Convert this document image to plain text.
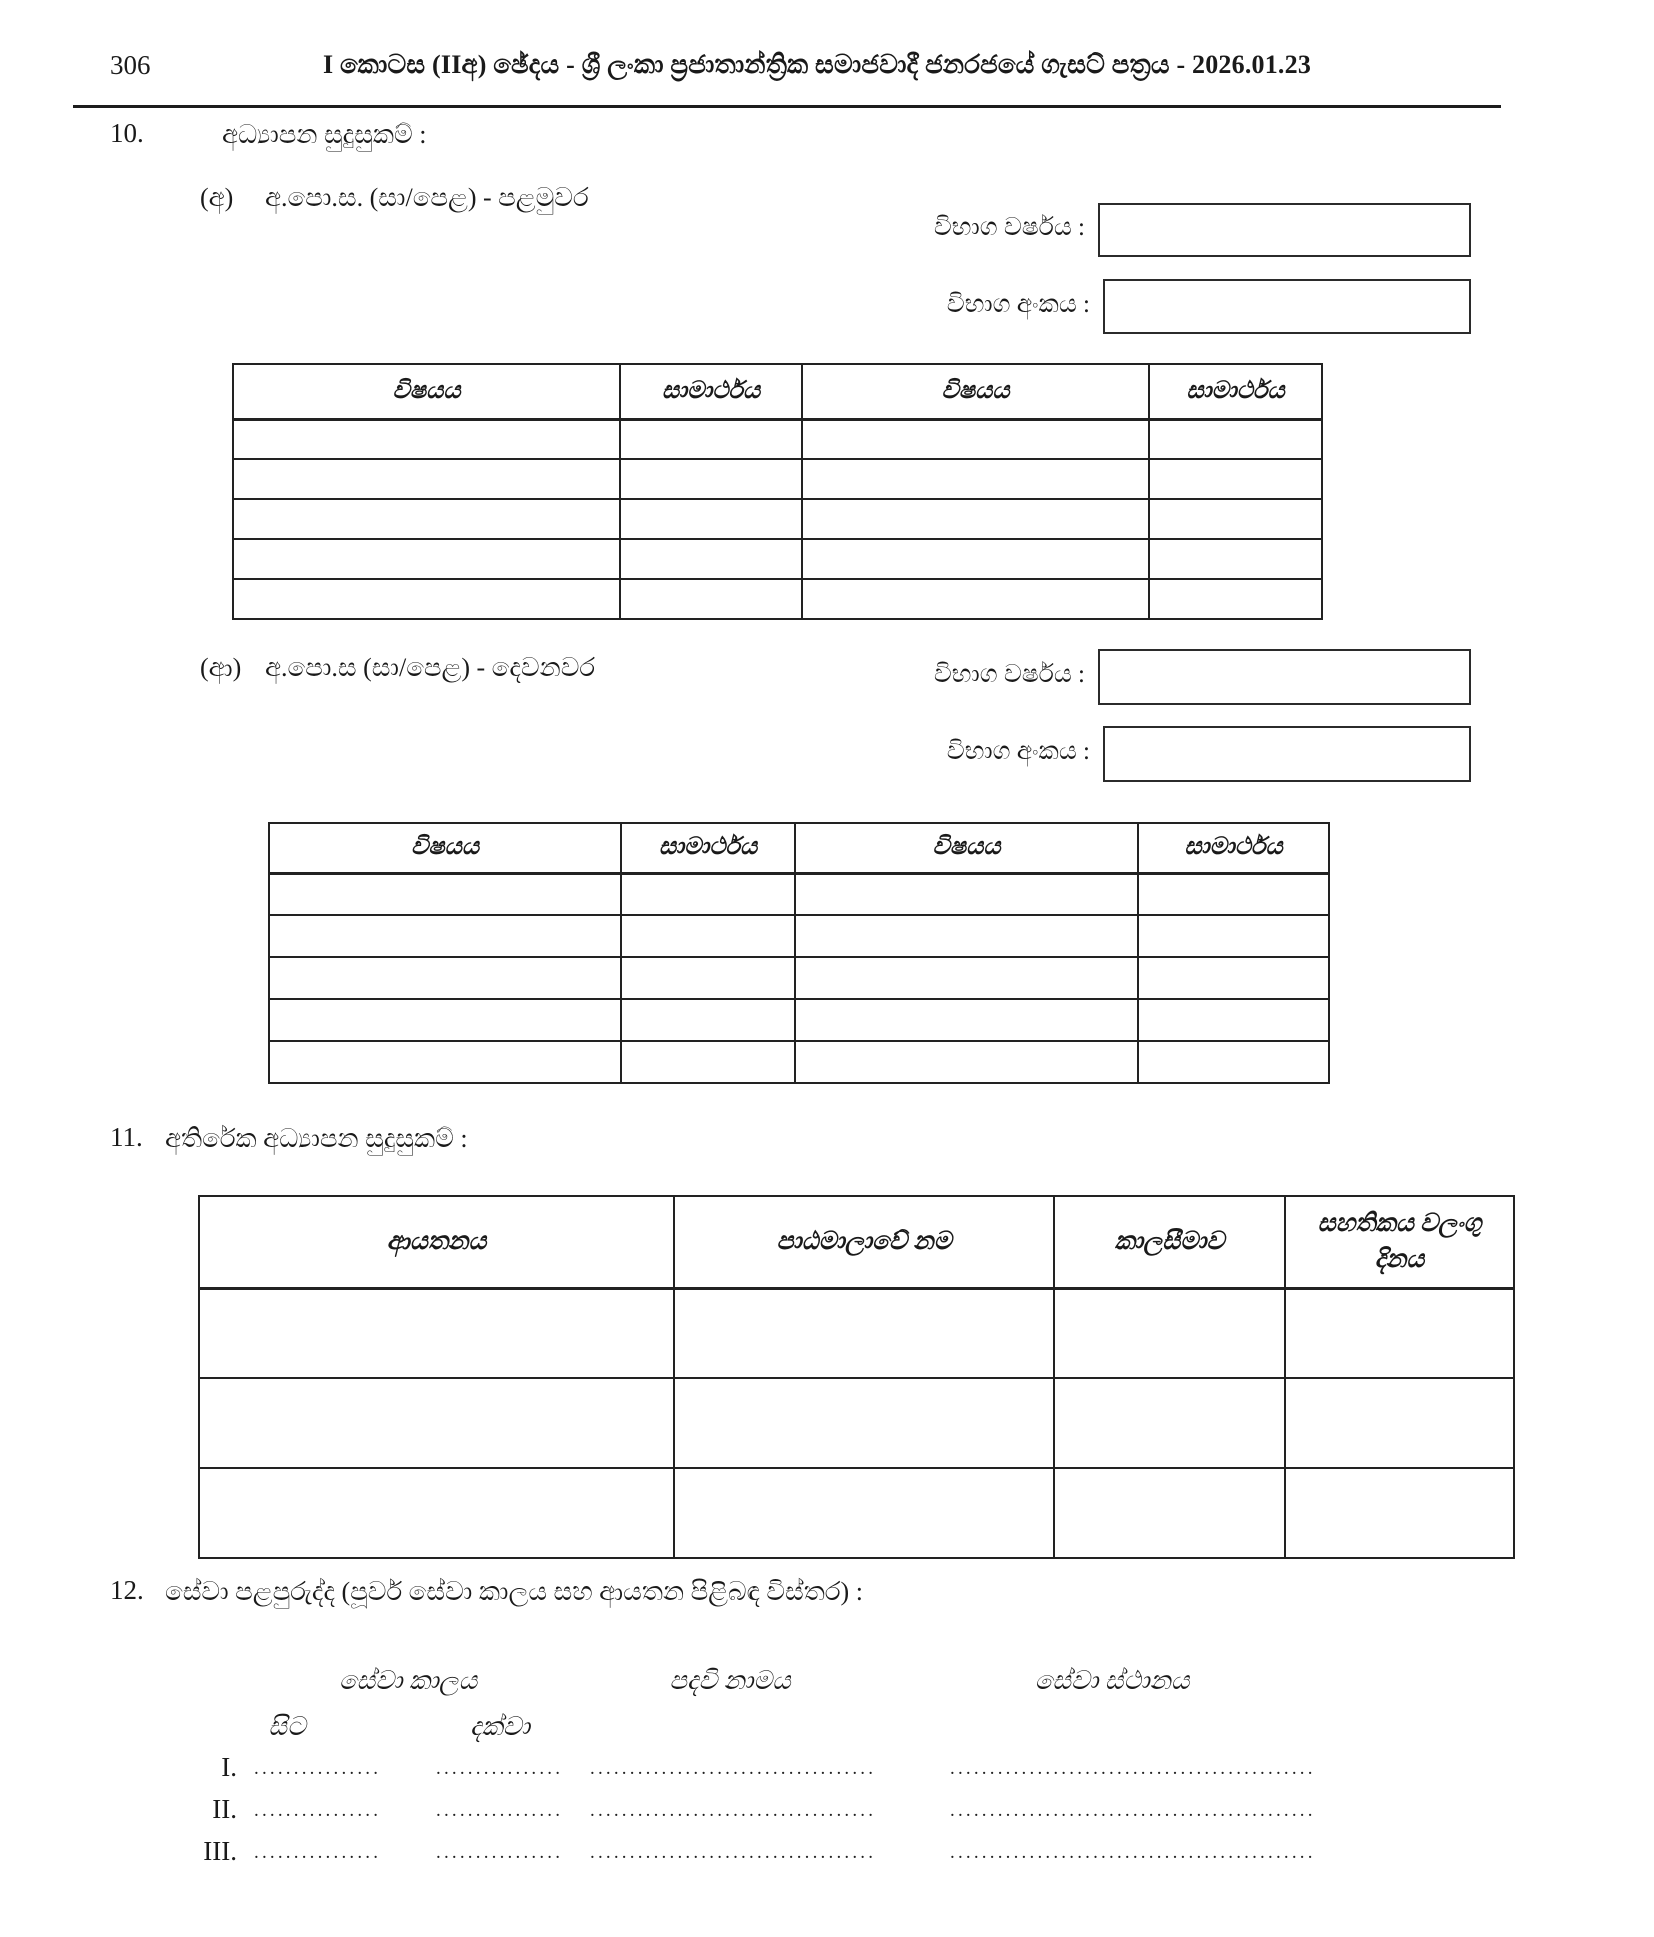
306	I කොටස (IIඅ) ඡේදය - ශ්‍රී ලංකා ප්‍රජාතාන්ත්‍රික සමාජවාදී ජනරජයේ ගැසට් පත්‍රය - 2026.01.23
10.	අධ්‍යාපන සුදුසුකම් :
(අ) අ.පො.ස. (සා/පෙළ) - පළමුවර
විභාග වර්ෂය :
විභාග අංකය :
විෂයය	සාමාර්ථය	විෂයය	සාමාර්ථය

(ආ) අ.පො.ස (සා/පෙළ) - දෙවනවර	විභාග වර්ෂය :
විභාග අංකය :
විෂයය	සාමාර්ථය	විෂයය	සාමාර්ථය

11. අතිරේක අධ්‍යාපන සුදුසුකම් :
ආයතනය	පාඨමාලාවේ නම	කාලසීමාව	සහතිකය වලංගු දිනය

12. සේවා පළපුරුද්ද (පූර්ව සේවා කාලය සහ ආයතන පිළිබඳ විස්තර) :
සේවා කාලය	පදවි නාමය	සේවා ස්ථානය
සිට	දක්වා
I. ................	................ ....................................	..............................................
II. ................	................ ....................................	..............................................
III. ................	................ ....................................	..............................................
